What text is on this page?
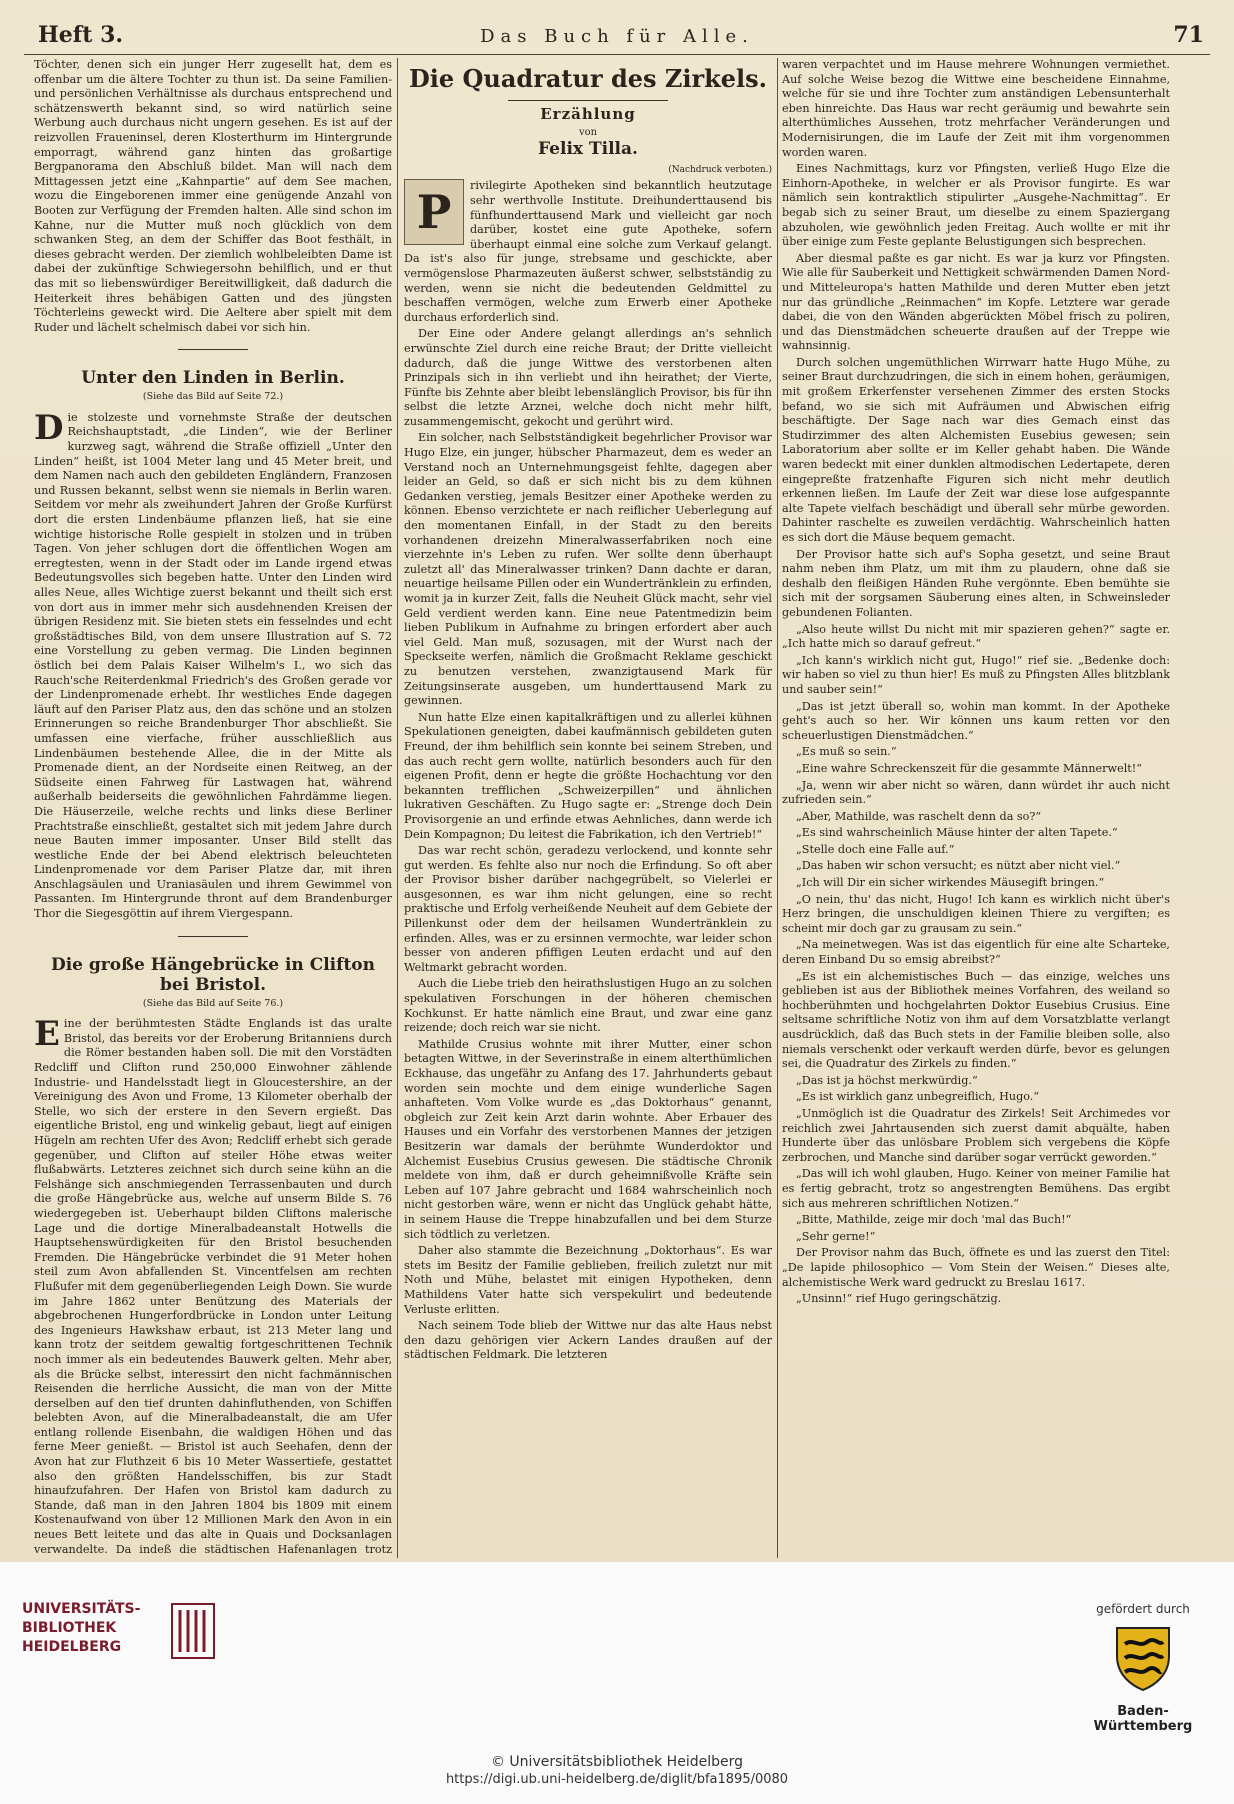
Heft 3.	Das Buch für Alle.	71

Töchter, denen sich ein junger Herr zugesellt hat, dem es offenbar um die ältere Tochter zu thun ist. Da seine Familien- und persönlichen Verhältnisse als durchaus entsprechend und schätzenswerth bekannt sind, so wird natürlich seine Werbung auch durchaus nicht ungern gesehen. Es ist auf der reizvollen Fraueninsel, deren Klosterthurm im Hintergrunde emporragt, während ganz hinten das großartige Bergpanorama den Abschluß bildet. Man will nach dem Mittagessen jetzt eine „Kahnpartie“ auf dem See machen, wozu die Eingeborenen immer eine genügende Anzahl von Booten zur Verfügung der Fremden halten. Alle sind schon im Kahne, nur die Mutter muß noch glücklich von dem schwanken Steg, an dem der Schiffer das Boot festhält, in dieses gebracht werden. Der ziemlich wohlbeleibten Dame ist dabei der zukünftige Schwiegersohn behilflich, und er thut das mit so liebenswürdiger Bereitwilligkeit, daß dadurch die Heiterkeit ihres behäbigen Gatten und des jüngsten Töchterleins geweckt wird. Die Aeltere aber spielt mit dem Ruder und lächelt schelmisch dabei vor sich hin.

Unter den Linden in Berlin.
(Siehe das Bild auf Seite 72.)

Die stolzeste und vornehmste Straße der deutschen Reichshauptstadt, „die Linden“, wie der Berliner kurzweg sagt, während die Straße offiziell „Unter den Linden“ heißt, ist 1004 Meter lang und 45 Meter breit, und dem Namen nach auch den gebildeten Engländern, Franzosen und Russen bekannt, selbst wenn sie niemals in Berlin waren. Seitdem vor mehr als zweihundert Jahren der Große Kurfürst dort die ersten Lindenbäume pflanzen ließ, hat sie eine wichtige historische Rolle gespielt in stolzen und in trüben Tagen. Von jeher schlugen dort die öffentlichen Wogen am erregtesten, wenn in der Stadt oder im Lande irgend etwas Bedeutungsvolles sich begeben hatte. Unter den Linden wird alles Neue, alles Wichtige zuerst bekannt und theilt sich erst von dort aus in immer mehr sich ausdehnenden Kreisen der übrigen Residenz mit. Sie bieten stets ein fesselndes und echt großstädtisches Bild, von dem unsere Illustration auf S. 72 eine Vorstellung zu geben vermag. Die Linden beginnen östlich bei dem Palais Kaiser Wilhelm's I., wo sich das Rauch'sche Reiterdenkmal Friedrich's des Großen gerade vor der Lindenpromenade erhebt. Ihr westliches Ende dagegen läuft auf den Pariser Platz aus, den das schöne und an stolzen Erinnerungen so reiche Brandenburger Thor abschließt. Sie umfassen eine vierfache, früher ausschließlich aus Lindenbäumen bestehende Allee, die in der Mitte als Promenade dient, an der Nordseite einen Reitweg, an der Südseite einen Fahrweg für Lastwagen hat, während außerhalb beiderseits die gewöhnlichen Fahrdämme liegen. Die Häuserzeile, welche rechts und links diese Berliner Prachtstraße einschließt, gestaltet sich mit jedem Jahre durch neue Bauten immer imposanter. Unser Bild stellt das westliche Ende der bei Abend elektrisch beleuchteten Lindenpromenade vor dem Pariser Platze dar, mit ihren Anschlagsäulen und Uraniasäulen und ihrem Gewimmel von Passanten. Im Hintergrunde thront auf dem Brandenburger Thor die Siegesgöttin auf ihrem Viergespann.

Die große Hängebrücke in Clifton bei Bristol.
(Siehe das Bild auf Seite 76.)

Eine der berühmtesten Städte Englands ist das uralte Bristol, das bereits vor der Eroberung Britanniens durch die Römer bestanden haben soll. Die mit den Vorstädten Redcliff und Clifton rund 250,000 Einwohner zählende Industrie- und Handelsstadt liegt in Gloucestershire, an der Vereinigung des Avon und Frome, 13 Kilometer oberhalb der Stelle, wo sich der erstere in den Severn ergießt. Das eigentliche Bristol, eng und winkelig gebaut, liegt auf einigen Hügeln am rechten Ufer des Avon; Redcliff erhebt sich gerade gegenüber, und Clifton auf steiler Höhe etwas weiter flußabwärts. Letzteres zeichnet sich durch seine kühn an die Felshänge sich anschmiegenden Terrassenbauten und durch die große Hängebrücke aus, welche auf unserm Bilde S. 76 wiedergegeben ist. Ueberhaupt bilden Cliftons malerische Lage und die dortige Mineralbadeanstalt Hotwells die Hauptsehenswürdigkeiten für den Bristol besuchenden Fremden. Die Hängebrücke verbindet die 91 Meter hohen steil zum Avon abfallenden St. Vincentfelsen am rechten Flußufer mit dem gegenüberliegenden Leigh Down. Sie wurde im Jahre 1862 unter Benützung des Materials der abgebrochenen Hungerfordbrücke in London unter Leitung des Ingenieurs Hawkshaw erbaut, ist 213 Meter lang und kann trotz der seitdem gewaltig fortgeschrittenen Technik noch immer als ein bedeutendes Bauwerk gelten. Mehr aber, als die Brücke selbst, interessirt den nicht fachmännischen Reisenden die herrliche Aussicht, die man von der Mitte derselben auf den tief drunten dahinfluthenden, von Schiffen belebten Avon, auf die Mineralbadeanstalt, die am Ufer entlang rollende Eisenbahn, die waldigen Höhen und das ferne Meer genießt. — Bristol ist auch Seehafen, denn der Avon hat zur Fluthzeit 6 bis 10 Meter Wassertiefe, gestattet also den größten Handelsschiffen, bis zur Stadt hinaufzufahren. Der Hafen von Bristol kam dadurch zu Stande, daß man in den Jahren 1804 bis 1809 mit einem Kostenaufwand von über 12 Millionen Mark den Avon in ein neues Bett leitete und das alte in Quais und Docksanlagen verwandelte. Da indeß die städtischen Hafenanlagen trotz

Die Quadratur des Zirkels.
Erzählung
von
Felix Tilla.
(Nachdruck verboten.)

P rivilegirte Apotheken sind bekanntlich heutzutage sehr werthvolle Institute. Dreihunderttausend bis fünfhunderttausend Mark und vielleicht gar noch darüber, kostet eine gute Apotheke, sofern überhaupt einmal eine solche zum Verkauf gelangt. Da ist's also für junge, strebsame und geschickte, aber vermögenslose Pharmazeuten äußerst schwer, selbstständig zu werden, wenn sie nicht die bedeutenden Geldmittel zu beschaffen vermögen, welche zum Erwerb einer Apotheke durchaus erforderlich sind.

Der Eine oder Andere gelangt allerdings an's sehnlich erwünschte Ziel durch eine reiche Braut; der Dritte vielleicht dadurch, daß die junge Wittwe des verstorbenen alten Prinzipals sich in ihn verliebt und ihn heirathet; der Vierte, Fünfte bis Zehnte aber bleibt lebenslänglich Provisor, bis für ihn selbst die letzte Arznei, welche doch nicht mehr hilft, zusammengemischt, gekocht und gerührt wird.

Ein solcher, nach Selbstständigkeit begehrlicher Provisor war Hugo Elze, ein junger, hübscher Pharmazeut, dem es weder an Verstand noch an Unternehmungsgeist fehlte, dagegen aber leider an Geld, so daß er sich nicht bis zu dem kühnen Gedanken verstieg, jemals Besitzer einer Apotheke werden zu können. Ebenso verzichtete er nach reiflicher Ueberlegung auf den momentanen Einfall, in der Stadt zu den bereits vorhandenen dreizehn Mineralwasserfabriken noch eine vierzehnte in's Leben zu rufen. Wer sollte denn überhaupt zuletzt all' das Mineralwasser trinken? Dann dachte er daran, neuartige heilsame Pillen oder ein Wundertränklein zu erfinden, womit ja in kurzer Zeit, falls die Neuheit Glück macht, sehr viel Geld verdient werden kann. Eine neue Patentmedizin beim lieben Publikum in Aufnahme zu bringen erfordert aber auch viel Geld. Man muß, sozusagen, mit der Wurst nach der Speckseite werfen, nämlich die Großmacht Reklame geschickt zu benutzen verstehen, zwanzigtausend Mark für Zeitungsinserate ausgeben, um hunderttausend Mark zu gewinnen.

Nun hatte Elze einen kapitalkräftigen und zu allerlei kühnen Spekulationen geneigten, dabei kaufmännisch gebildeten guten Freund, der ihm behilflich sein konnte bei seinem Streben, und das auch recht gern wollte, natürlich besonders auch für den eigenen Profit, denn er hegte die größte Hochachtung vor den bekannten trefflichen „Schweizerpillen“ und ähnlichen lukrativen Geschäften. Zu Hugo sagte er: „Strenge doch Dein Provisorgenie an und erfinde etwas Aehnliches, dann werde ich Dein Kompagnon; Du leitest die Fabrikation, ich den Vertrieb!“

Das war recht schön, geradezu verlockend, und konnte sehr gut werden. Es fehlte also nur noch die Erfindung. So oft aber der Provisor bisher darüber nachgegrübelt, so Vielerlei er ausgesonnen, es war ihm nicht gelungen, eine so recht praktische und Erfolg verheißende Neuheit auf dem Gebiete der Pillenkunst oder dem der heilsamen Wundertränklein zu erfinden. Alles, was er zu ersinnen vermochte, war leider schon besser von anderen pfiffigen Leuten erdacht und auf den Weltmarkt gebracht worden.

Auch die Liebe trieb den heirathslustigen Hugo an zu solchen spekulativen Forschungen in der höheren chemischen Kochkunst. Er hatte nämlich eine Braut, und zwar eine ganz reizende; doch reich war sie nicht.

Mathilde Crusius wohnte mit ihrer Mutter, einer schon betagten Wittwe, in der Severinstraße in einem alterthümlichen Eckhause, das ungefähr zu Anfang des 17. Jahrhunderts gebaut worden sein mochte und dem einige wunderliche Sagen anhafteten. Vom Volke wurde es „das Doktorhaus“ genannt, obgleich zur Zeit kein Arzt darin wohnte. Aber Erbauer des Hauses und ein Vorfahr des verstorbenen Mannes der jetzigen Besitzerin war damals der berühmte Wunderdoktor und Alchemist Eusebius Crusius gewesen. Die städtische Chronik meldete von ihm, daß er durch geheimnißvolle Kräfte sein Leben auf 107 Jahre gebracht und 1684 wahrscheinlich noch nicht gestorben wäre, wenn er nicht das Unglück gehabt hätte, in seinem Hause die Treppe hinabzufallen und bei dem Sturze sich tödtlich zu verletzen.

Daher also stammte die Bezeichnung „Doktorhaus“. Es war stets im Besitz der Familie geblieben, freilich zuletzt nur mit Noth und Mühe, belastet mit einigen Hypotheken, denn Mathildens Vater hatte sich verspekulirt und bedeutende Verluste erlitten.

Nach seinem Tode blieb der Wittwe nur das alte Haus nebst den dazu gehörigen vier Ackern Landes draußen auf der städtischen Feldmark. Die letzteren

waren verpachtet und im Hause mehrere Wohnungen vermiethet. Auf solche Weise bezog die Wittwe eine bescheidene Einnahme, welche für sie und ihre Tochter zum anständigen Lebensunterhalt eben hinreichte. Das Haus war recht geräumig und bewahrte sein alterthümliches Aussehen, trotz mehrfacher Veränderungen und Modernisirungen, die im Laufe der Zeit mit ihm vorgenommen worden waren.

Eines Nachmittags, kurz vor Pfingsten, verließ Hugo Elze die Einhorn-Apotheke, in welcher er als Provisor fungirte. Es war nämlich sein kontraktlich stipulirter „Ausgehe-Nachmittag“. Er begab sich zu seiner Braut, um dieselbe zu einem Spaziergang abzuholen, wie gewöhnlich jeden Freitag. Auch wollte er mit ihr über einige zum Feste geplante Belustigungen sich besprechen.

Aber diesmal paßte es gar nicht. Es war ja kurz vor Pfingsten. Wie alle für Sauberkeit und Nettigkeit schwärmenden Damen Nord- und Mitteleuropa's hatten Mathilde und deren Mutter eben jetzt nur das gründliche „Reinmachen“ im Kopfe. Letztere war gerade dabei, die von den Wänden abgerückten Möbel frisch zu poliren, und das Dienstmädchen scheuerte draußen auf der Treppe wie wahnsinnig.

Durch solchen ungemüthlichen Wirrwarr hatte Hugo Mühe, zu seiner Braut durchzudringen, die sich in einem hohen, geräumigen, mit großem Erkerfenster versehenen Zimmer des ersten Stocks befand, wo sie sich mit Aufräumen und Abwischen eifrig beschäftigte. Der Sage nach war dies Gemach einst das Studirzimmer des alten Alchemisten Eusebius gewesen; sein Laboratorium aber sollte er im Keller gehabt haben. Die Wände waren bedeckt mit einer dunklen altmodischen Ledertapete, deren eingepreßte fratzenhafte Figuren sich nicht mehr deutlich erkennen ließen. Im Laufe der Zeit war diese lose aufgespannte alte Tapete vielfach beschädigt und überall sehr mürbe geworden. Dahinter raschelte es zuweilen verdächtig. Wahrscheinlich hatten es sich dort die Mäuse bequem gemacht.

Der Provisor hatte sich auf's Sopha gesetzt, und seine Braut nahm neben ihm Platz, um mit ihm zu plaudern, ohne daß sie deshalb den fleißigen Händen Ruhe vergönnte. Eben bemühte sie sich mit der sorgsamen Säuberung eines alten, in Schweinsleder gebundenen Folianten.

„Also heute willst Du nicht mit mir spazieren gehen?“ sagte er. „Ich hatte mich so darauf gefreut.“

„Ich kann's wirklich nicht gut, Hugo!“ rief sie. „Bedenke doch: wir haben so viel zu thun hier! Es muß zu Pfingsten Alles blitzblank und sauber sein!“

„Das ist jetzt überall so, wohin man kommt. In der Apotheke geht's auch so her. Wir können uns kaum retten vor den scheuerlustigen Dienstmädchen.“

„Es muß so sein.“

„Eine wahre Schreckenszeit für die gesammte Männerwelt!“

„Ja, wenn wir aber nicht so wären, dann würdet ihr auch nicht zufrieden sein.“

„Aber, Mathilde, was raschelt denn da so?“

„Es sind wahrscheinlich Mäuse hinter der alten Tapete.“

„Stelle doch eine Falle auf.“

„Das haben wir schon versucht; es nützt aber nicht viel.“

„Ich will Dir ein sicher wirkendes Mäusegift bringen.“

„O nein, thu' das nicht, Hugo! Ich kann es wirklich nicht über's Herz bringen, die unschuldigen kleinen Thiere zu vergiften; es scheint mir doch gar zu grausam zu sein.“

„Na meinetwegen. Was ist das eigentlich für eine alte Scharteke, deren Einband Du so emsig abreibst?“

„Es ist ein alchemistisches Buch — das einzige, welches uns geblieben ist aus der Bibliothek meines Vorfahren, des weiland so hochberühmten und hochgelahrten Doktor Eusebius Crusius. Eine seltsame schriftliche Notiz von ihm auf dem Vorsatzblatte verlangt ausdrücklich, daß das Buch stets in der Familie bleiben solle, also niemals verschenkt oder verkauft werden dürfe, bevor es gelungen sei, die Quadratur des Zirkels zu finden.“

„Das ist ja höchst merkwürdig.“

„Es ist wirklich ganz unbegreiflich, Hugo.“

„Unmöglich ist die Quadratur des Zirkels! Seit Archimedes vor reichlich zwei Jahrtausenden sich zuerst damit abquälte, haben Hunderte über das unlösbare Problem sich vergebens die Köpfe zerbrochen, und Manche sind darüber sogar verrückt geworden.“

„Das will ich wohl glauben, Hugo. Keiner von meiner Familie hat es fertig gebracht, trotz so angestrengten Bemühens. Das ergibt sich aus mehreren schriftlichen Notizen.“

„Bitte, Mathilde, zeige mir doch 'mal das Buch!“

„Sehr gerne!“

Der Provisor nahm das Buch, öffnete es und las zuerst den Titel: „De lapide philosophico — Vom Stein der Weisen.“ Dieses alte, alchemistische Werk ward gedruckt zu Breslau 1617.

„Unsinn!“ rief Hugo geringschätzig.

UNIVERSITÄTS-
BIBLIOTHEK
HEIDELBERG
© Universitätsbibliothek Heidelberg
https://digi.ub.uni-heidelberg.de/diglit/bfa1895/0080
gefördert durch
Baden-Württemberg
